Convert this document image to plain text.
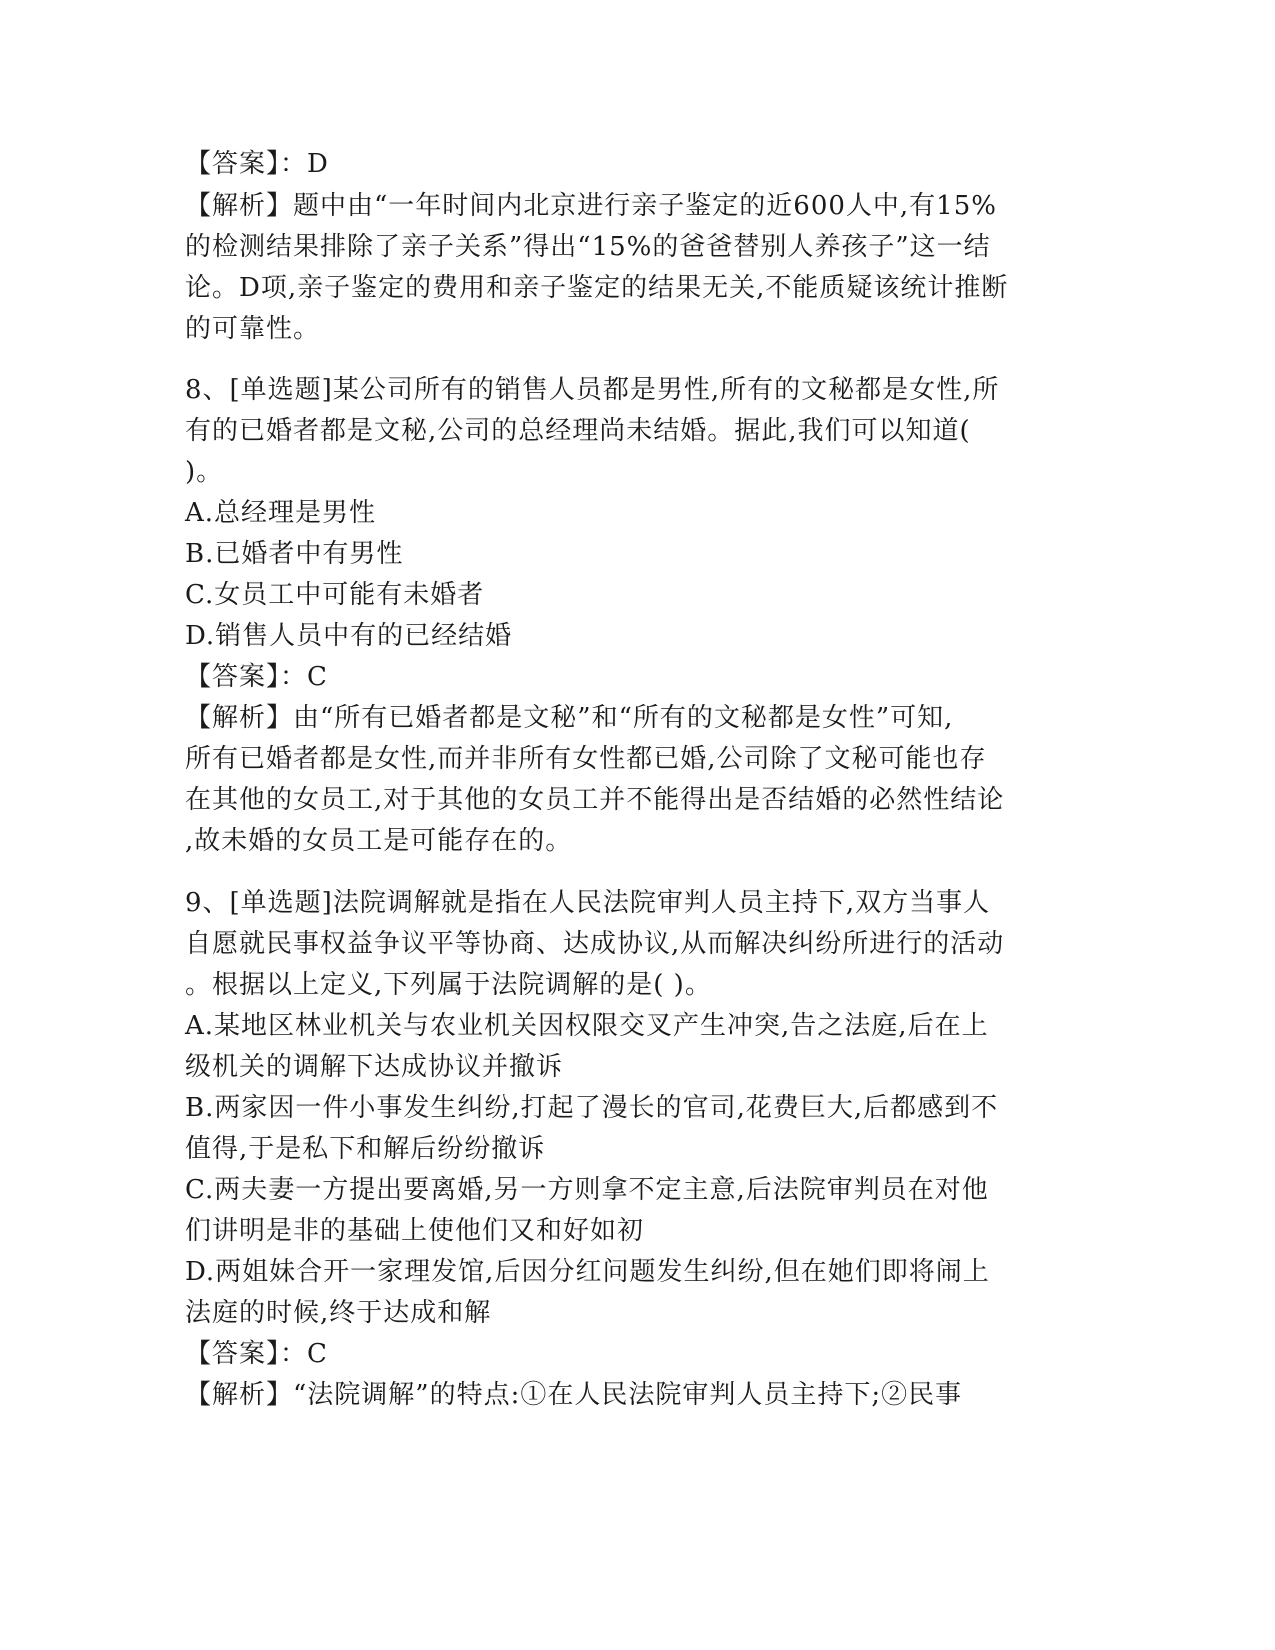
【答案】：D
【解析】题中由“一年时间内北京进行亲子鉴定的近600人中,有15%
的检测结果排除了亲子关系”得出“15%的爸爸替别人养孩子”这一结
论。D项,亲子鉴定的费用和亲子鉴定的结果无关,不能质疑该统计推断
的可靠性。
8、[单选题]某公司所有的销售人员都是男性,所有的文秘都是女性,所
有的已婚者都是文秘,公司的总经理尚未结婚。据此,我们可以知道(
)。
A.总经理是男性
B.已婚者中有男性
C.女员工中可能有未婚者
D.销售人员中有的已经结婚
【答案】：C
【解析】由“所有已婚者都是文秘”和“所有的文秘都是女性”可知,
所有已婚者都是女性,而并非所有女性都已婚,公司除了文秘可能也存
在其他的女员工,对于其他的女员工并不能得出是否结婚的必然性结论
,故未婚的女员工是可能存在的。
9、[单选题]法院调解就是指在人民法院审判人员主持下,双方当事人
自愿就民事权益争议平等协商、达成协议,从而解决纠纷所进行的活动
。根据以上定义,下列属于法院调解的是( )。
A.某地区林业机关与农业机关因权限交叉产生冲突,告之法庭,后在上
级机关的调解下达成协议并撤诉
B.两家因一件小事发生纠纷,打起了漫长的官司,花费巨大,后都感到不
值得,于是私下和解后纷纷撤诉
C.两夫妻一方提出要离婚,另一方则拿不定主意,后法院审判员在对他
们讲明是非的基础上使他们又和好如初
D.两姐妹合开一家理发馆,后因分红问题发生纠纷,但在她们即将闹上
法庭的时候,终于达成和解
【答案】：C
【解析】“法院调解”的特点:①在人民法院审判人员主持下;②民事
